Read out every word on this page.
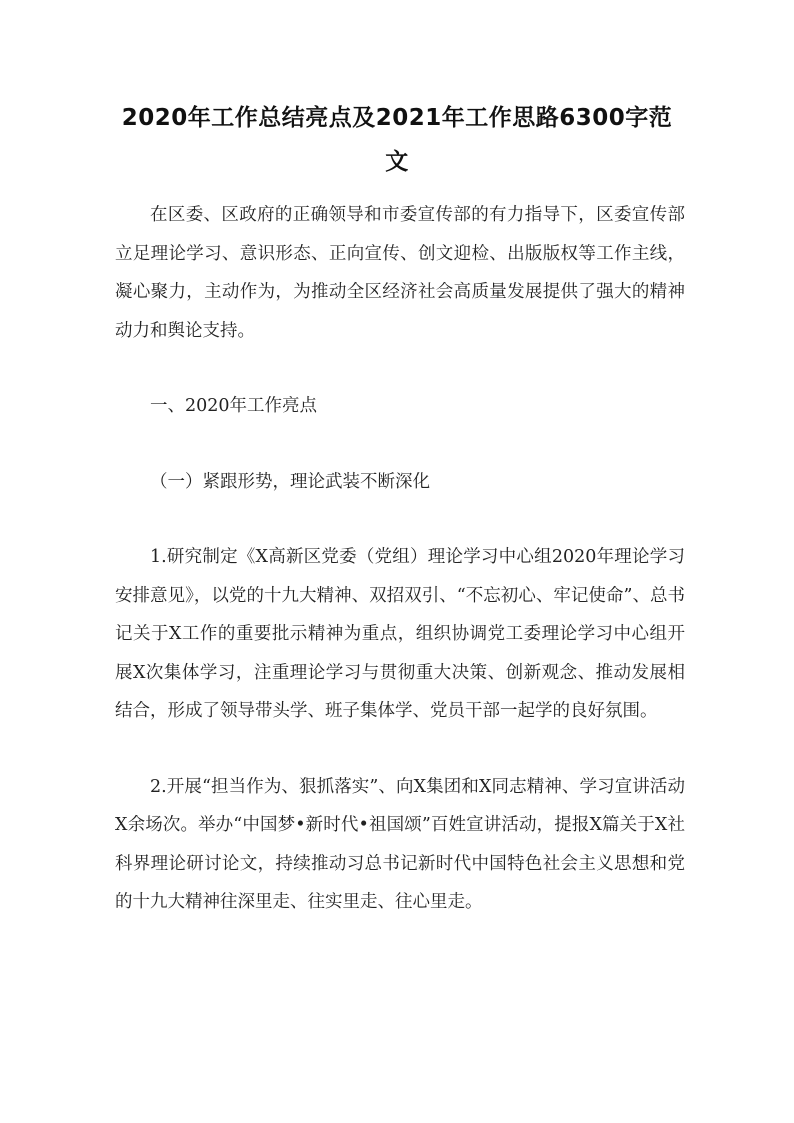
2020年工作总结亮点及2021年工作思路6300字范文

在区委、区政府的正确领导和市委宣传部的有力指导下，区委宣传部立足理论学习、意识形态、正向宣传、创文迎检、出版版权等工作主线，凝心聚力，主动作为，为推动全区经济社会高质量发展提供了强大的精神动力和舆论支持。

一、2020年工作亮点

（一）紧跟形势，理论武装不断深化

1.研究制定《X高新区党委（党组）理论学习中心组2020年理论学习安排意见》，以党的十九大精神、双招双引、“不忘初心、牢记使命”、总书记关于X工作的重要批示精神为重点，组织协调党工委理论学习中心组开展X次集体学习，注重理论学习与贯彻重大决策、创新观念、推动发展相结合，形成了领导带头学、班子集体学、党员干部一起学的良好氛围。

2.开展“担当作为、狠抓落实”、向X集团和X同志精神、学习宣讲活动X余场次。举办“中国梦•新时代•祖国颂”百姓宣讲活动，提报X篇关于X社科界理论研讨论文，持续推动习总书记新时代中国特色社会主义思想和党的十九大精神往深里走、往实里走、往心里走。
